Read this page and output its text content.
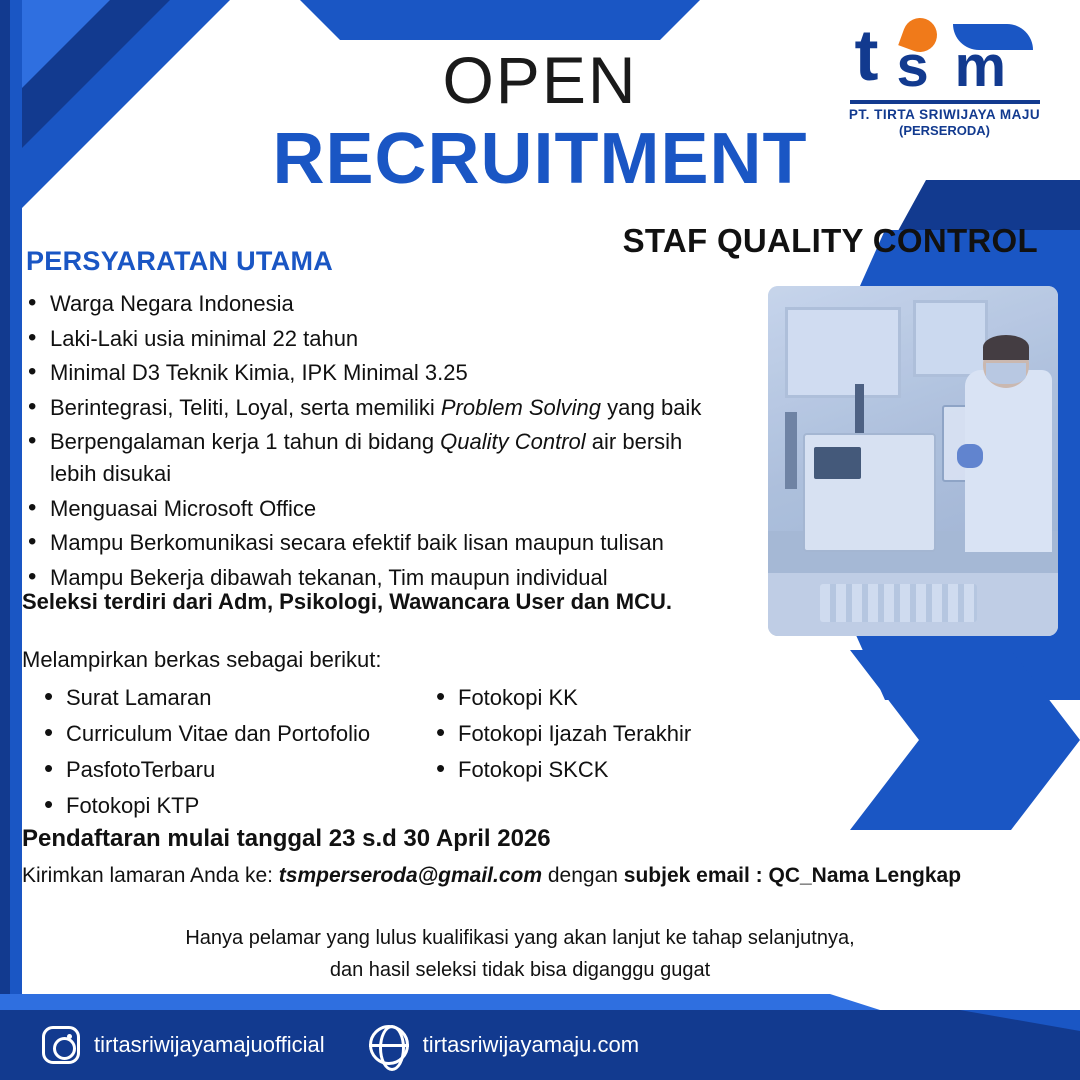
OPEN
RECRUITMENT
t s m
PT. TIRTA SRIWIJAYA MAJU
(PERSERODA)
STAF QUALITY CONTROL
PERSYARATAN UTAMA
• Warga Negara Indonesia
• Laki-Laki usia minimal 22 tahun
• Minimal D3 Teknik Kimia, IPK Minimal 3.25
• Berintegrasi, Teliti, Loyal, serta memiliki Problem Solving yang baik
• Berpengalaman kerja 1 tahun di bidang Quality Control air bersih lebih disukai
• Menguasai Microsoft Office
• Mampu Berkomunikasi secara efektif baik lisan maupun tulisan
• Mampu Bekerja dibawah tekanan, Tim maupun individual
Seleksi terdiri dari Adm, Psikologi, Wawancara User dan MCU.
Melampirkan berkas sebagai berikut:
• Surat Lamaran
• Curriculum Vitae dan Portofolio
• PasfotoTerbaru
• Fotokopi KTP
• Fotokopi KK
• Fotokopi Ijazah Terakhir
• Fotokopi SKCK
Pendaftaran mulai tanggal 23 s.d 30 April 2026
Kirimkan lamaran Anda ke: tsmperseroda@gmail.com dengan subjek email : QC_Nama Lengkap
Hanya pelamar yang lulus kualifikasi yang akan lanjut ke tahap selanjutnya,
dan hasil seleksi tidak bisa diganggu gugat
tirtasriwijayamajuofficial	tirtasriwijayamaju.com
